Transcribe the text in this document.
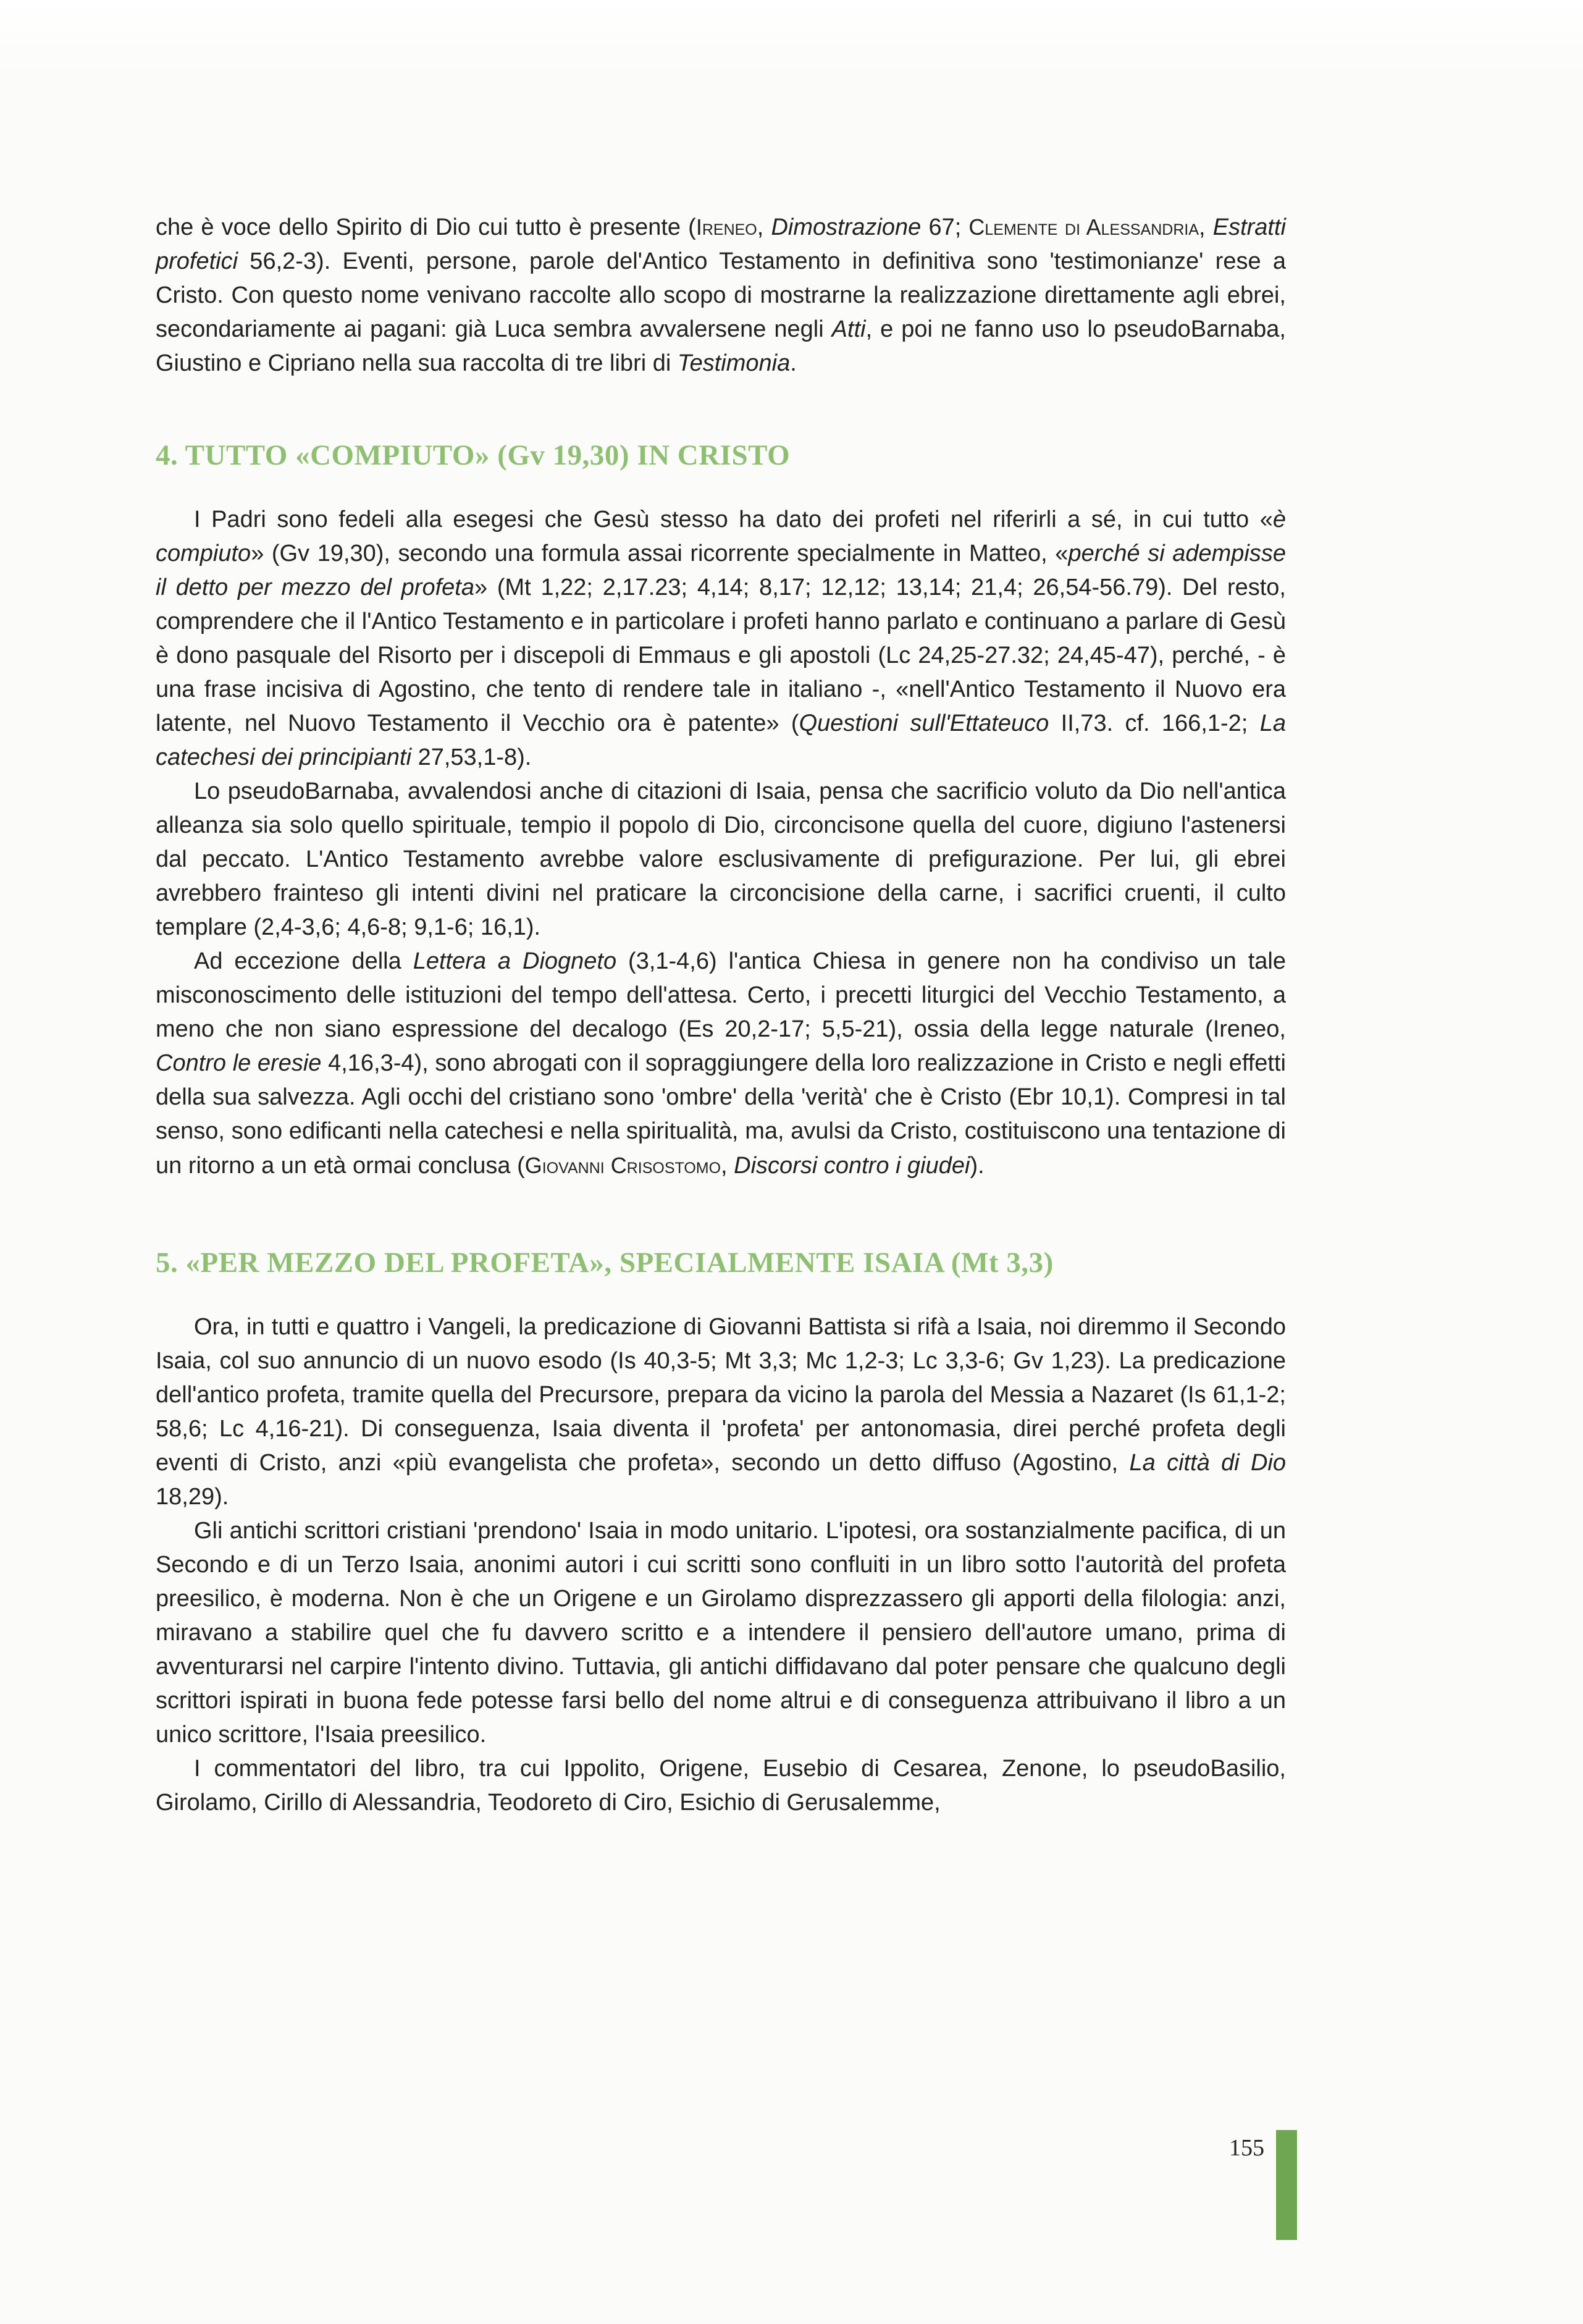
che è voce dello Spirito di Dio cui tutto è presente (Ireneo, Dimostrazione 67; Clemente di Alessandria, Estratti profetici 56,2-3). Eventi, persone, parole del'Antico Testamento in definitiva sono 'testimonianze' rese a Cristo. Con questo nome venivano raccolte allo scopo di mostrarne la realizzazione direttamente agli ebrei, secondariamente ai pagani: già Luca sembra avvalersene negli Atti, e poi ne fanno uso lo pseudoBarnaba, Giustino e Cipriano nella sua raccolta di tre libri di Testimonia.

4. TUTTO «COMPIUTO» (Gv 19,30) IN CRISTO

I Padri sono fedeli alla esegesi che Gesù stesso ha dato dei profeti nel riferirli a sé, in cui tutto «è compiuto» (Gv 19,30), secondo una formula assai ricorrente specialmente in Matteo, «perché si adempisse il detto per mezzo del profeta» (Mt 1,22; 2,17.23; 4,14; 8,17; 12,12; 13,14; 21,4; 26,54-56.79). Del resto, comprendere che il l'Antico Testamento e in particolare i profeti hanno parlato e continuano a parlare di Gesù è dono pasquale del Risorto per i discepoli di Emmaus e gli apostoli (Lc 24,25-27.32; 24,45-47), perché, - è una frase incisiva di Agostino, che tento di rendere tale in italiano -, «nell'Antico Testamento il Nuovo era latente, nel Nuovo Testamento il Vecchio ora è patente» (Questioni sull'Ettateuco II,73. cf. 166,1-2; La catechesi dei principianti 27,53,1-8).

Lo pseudoBarnaba, avvalendosi anche di citazioni di Isaia, pensa che sacrificio voluto da Dio nell'antica alleanza sia solo quello spirituale, tempio il popolo di Dio, circoncisone quella del cuore, digiuno l'astenersi dal peccato. L'Antico Testamento avrebbe valore esclusivamente di prefigurazione. Per lui, gli ebrei avrebbero frainteso gli intenti divini nel praticare la circoncisione della carne, i sacrifici cruenti, il culto templare (2,4-3,6; 4,6-8; 9,1-6; 16,1).

Ad eccezione della Lettera a Diogneto (3,1-4,6) l'antica Chiesa in genere non ha condiviso un tale misconoscimento delle istituzioni del tempo dell'attesa. Certo, i precetti liturgici del Vecchio Testamento, a meno che non siano espressione del decalogo (Es 20,2-17; 5,5-21), ossia della legge naturale (Ireneo, Contro le eresie 4,16,3-4), sono abrogati con il sopraggiungere della loro realizzazione in Cristo e negli effetti della sua salvezza. Agli occhi del cristiano sono 'ombre' della 'verità' che è Cristo (Ebr 10,1). Compresi in tal senso, sono edificanti nella catechesi e nella spiritualità, ma, avulsi da Cristo, costituiscono una tentazione di un ritorno a un età ormai conclusa (Giovanni Crisostomo, Discorsi contro i giudei).

5. «PER MEZZO DEL PROFETA», SPECIALMENTE ISAIA (Mt 3,3)

Ora, in tutti e quattro i Vangeli, la predicazione di Giovanni Battista si rifà a Isaia, noi diremmo il Secondo Isaia, col suo annuncio di un nuovo esodo (Is 40,3-5; Mt 3,3; Mc 1,2-3; Lc 3,3-6; Gv 1,23). La predicazione dell'antico profeta, tramite quella del Precursore, prepara da vicino la parola del Messia a Nazaret (Is 61,1-2; 58,6; Lc 4,16-21). Di conseguenza, Isaia diventa il 'profeta' per antonomasia, direi perché profeta degli eventi di Cristo, anzi «più evangelista che profeta», secondo un detto diffuso (Agostino, La città di Dio 18,29).

Gli antichi scrittori cristiani 'prendono' Isaia in modo unitario. L'ipotesi, ora sostanzialmente pacifica, di un Secondo e di un Terzo Isaia, anonimi autori i cui scritti sono confluiti in un libro sotto l'autorità del profeta preesilico, è moderna. Non è che un Origene e un Girolamo disprezzassero gli apporti della filologia: anzi, miravano a stabilire quel che fu davvero scritto e a intendere il pensiero dell'autore umano, prima di avventurarsi nel carpire l'intento divino. Tuttavia, gli antichi diffidavano dal poter pensare che qualcuno degli scrittori ispirati in buona fede potesse farsi bello del nome altrui e di conseguenza attribuivano il libro a un unico scrittore, l'Isaia preesilico.

I commentatori del libro, tra cui Ippolito, Origene, Eusebio di Cesarea, Zenone, lo pseudoBasilio, Girolamo, Cirillo di Alessandria, Teodoreto di Ciro, Esichio di Gerusalemme,

155
